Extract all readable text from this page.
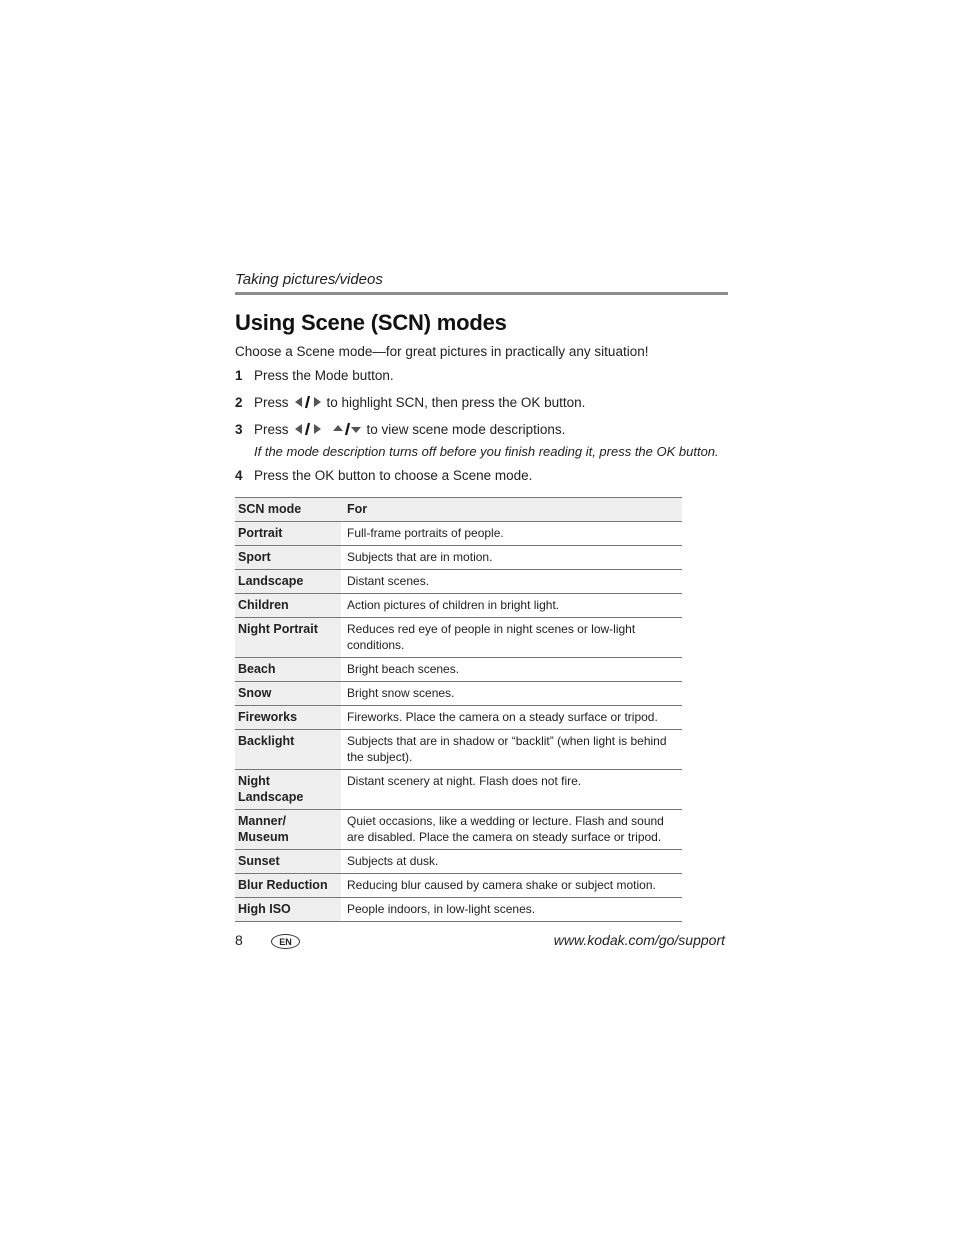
Taking pictures/videos
Using Scene (SCN) modes
Choose a Scene mode—for great pictures in practically any situation!
1 Press the Mode button.
2 Press	to highlight SCN, then press the OK button.
3 Press	to view scene mode descriptions.
If the mode description turns off before you finish reading it, press the OK button.
4 Press the OK button to choose a Scene mode.
SCN mode	For
Portrait	Full-frame portraits of people.
Sport	Subjects that are in motion.
Landscape	Distant scenes.
Children	Action pictures of children in bright light.
Night Portrait	Reduces red eye of people in night scenes or low-light conditions.
Beach	Bright beach scenes.
Snow	Bright snow scenes.
Fireworks	Fireworks. Place the camera on a steady surface or tripod.
Backlight	Subjects that are in shadow or “backlit” (when light is behind the subject).
Night Landscape	Distant scenery at night. Flash does not fire.
Manner/ Museum	Quiet occasions, like a wedding or lecture. Flash and sound are disabled. Place the camera on steady surface or tripod.
Sunset	Subjects at dusk.
Blur Reduction	Reducing blur caused by camera shake or subject motion.
High ISO	People indoors, in low-light scenes.
8	EN	www.kodak.com/go/support
